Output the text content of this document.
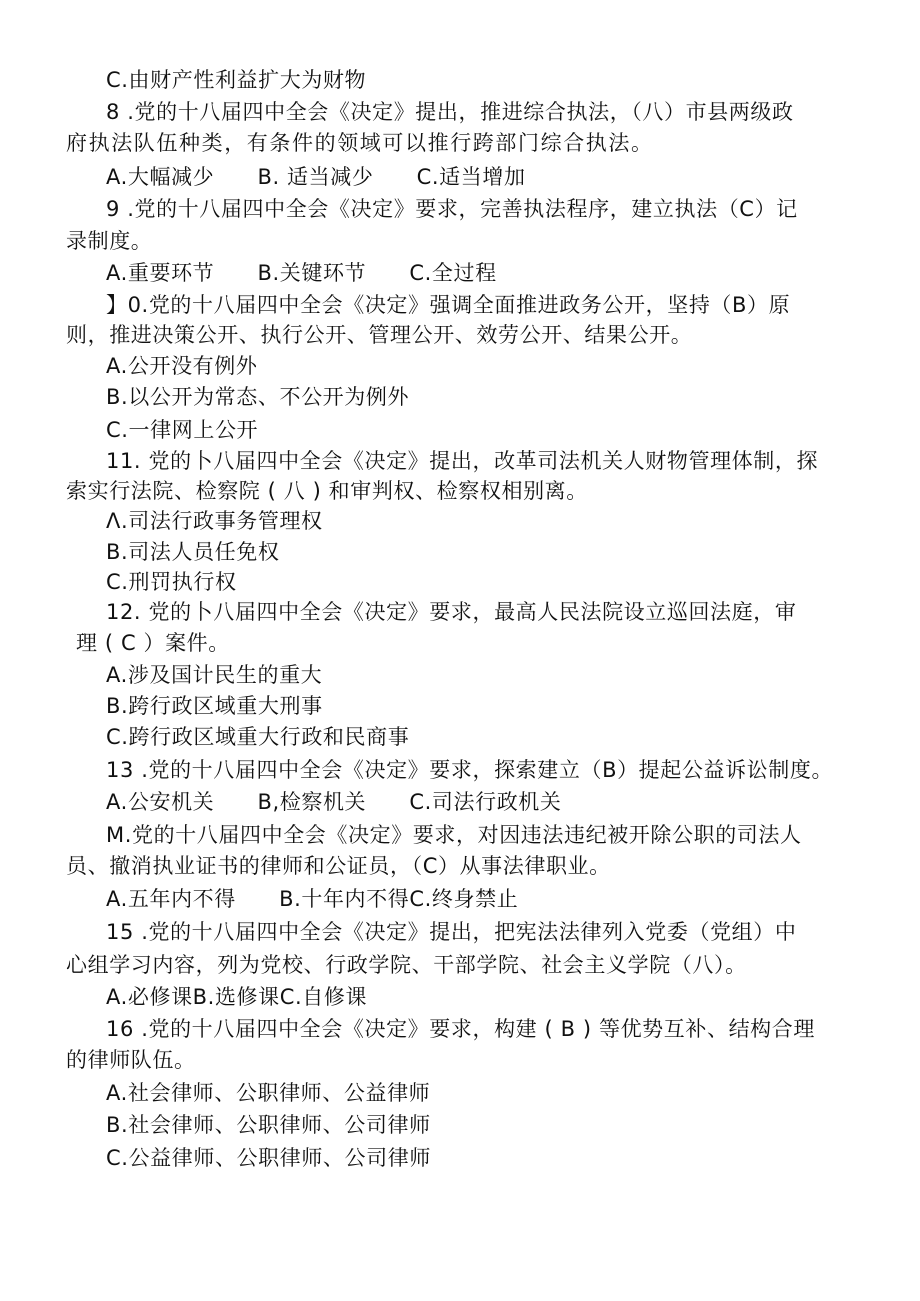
C.由财产性利益扩大为财物
8 .党的十八届四中全会《决定》提出，推进综合执法，（八）市县两级政
府执法队伍种类，有条件的领域可以推行跨部门综合执法。
A.大幅减少　　B. 适当减少　　C.适当增加
9 .党的十八届四中全会《决定》要求，完善执法程序，建立执法（C）记
录制度。
A.重要环节　　B.关键环节　　C.全过程
】0.党的十八届四中全会《决定》强调全面推进政务公开，坚持（B）原
则，推进决策公开、执行公开、管理公开、效劳公开、结果公开。
A.公开没有例外
B.以公开为常态、不公开为例外
C.一律网上公开
11. 党的卜八届四中全会《决定》提出，改革司法机关人财物管理体制，探
索实行法院、检察院 ( 八 ) 和审判权、检察权相别离。
Λ.司法行政事务管理权
B.司法人员任免权
C.刑罚执行权
12. 党的卜八届四中全会《决定》要求，最高人民法院设立巡回法庭，审
理 ( C ）案件。
A.涉及国计民生的重大
B.跨行政区域重大刑事
C.跨行政区域重大行政和民商事
13 .党的十八届四中全会《决定》要求，探索建立（B）提起公益诉讼制度。
A.公安机关　　B,检察机关　　C.司法行政机关
M.党的十八届四中全会《决定》要求，对因违法违纪被开除公职的司法人
员、撤消执业证书的律师和公证员，（C）从事法律职业。
A.五年内不得　　B.十年内不得C.终身禁止
15 .党的十八届四中全会《决定》提出，把宪法法律列入党委（党组）中
心组学习内容，列为党校、行政学院、干部学院、社会主义学院（八）。
A.必修课B.选修课C.自修课
16 .党的十八届四中全会《决定》要求，构建 ( B ) 等优势互补、结构合理
的律师队伍。
A.社会律师、公职律师、公益律师
B.社会律师、公职律师、公司律师
C.公益律师、公职律师、公司律师
